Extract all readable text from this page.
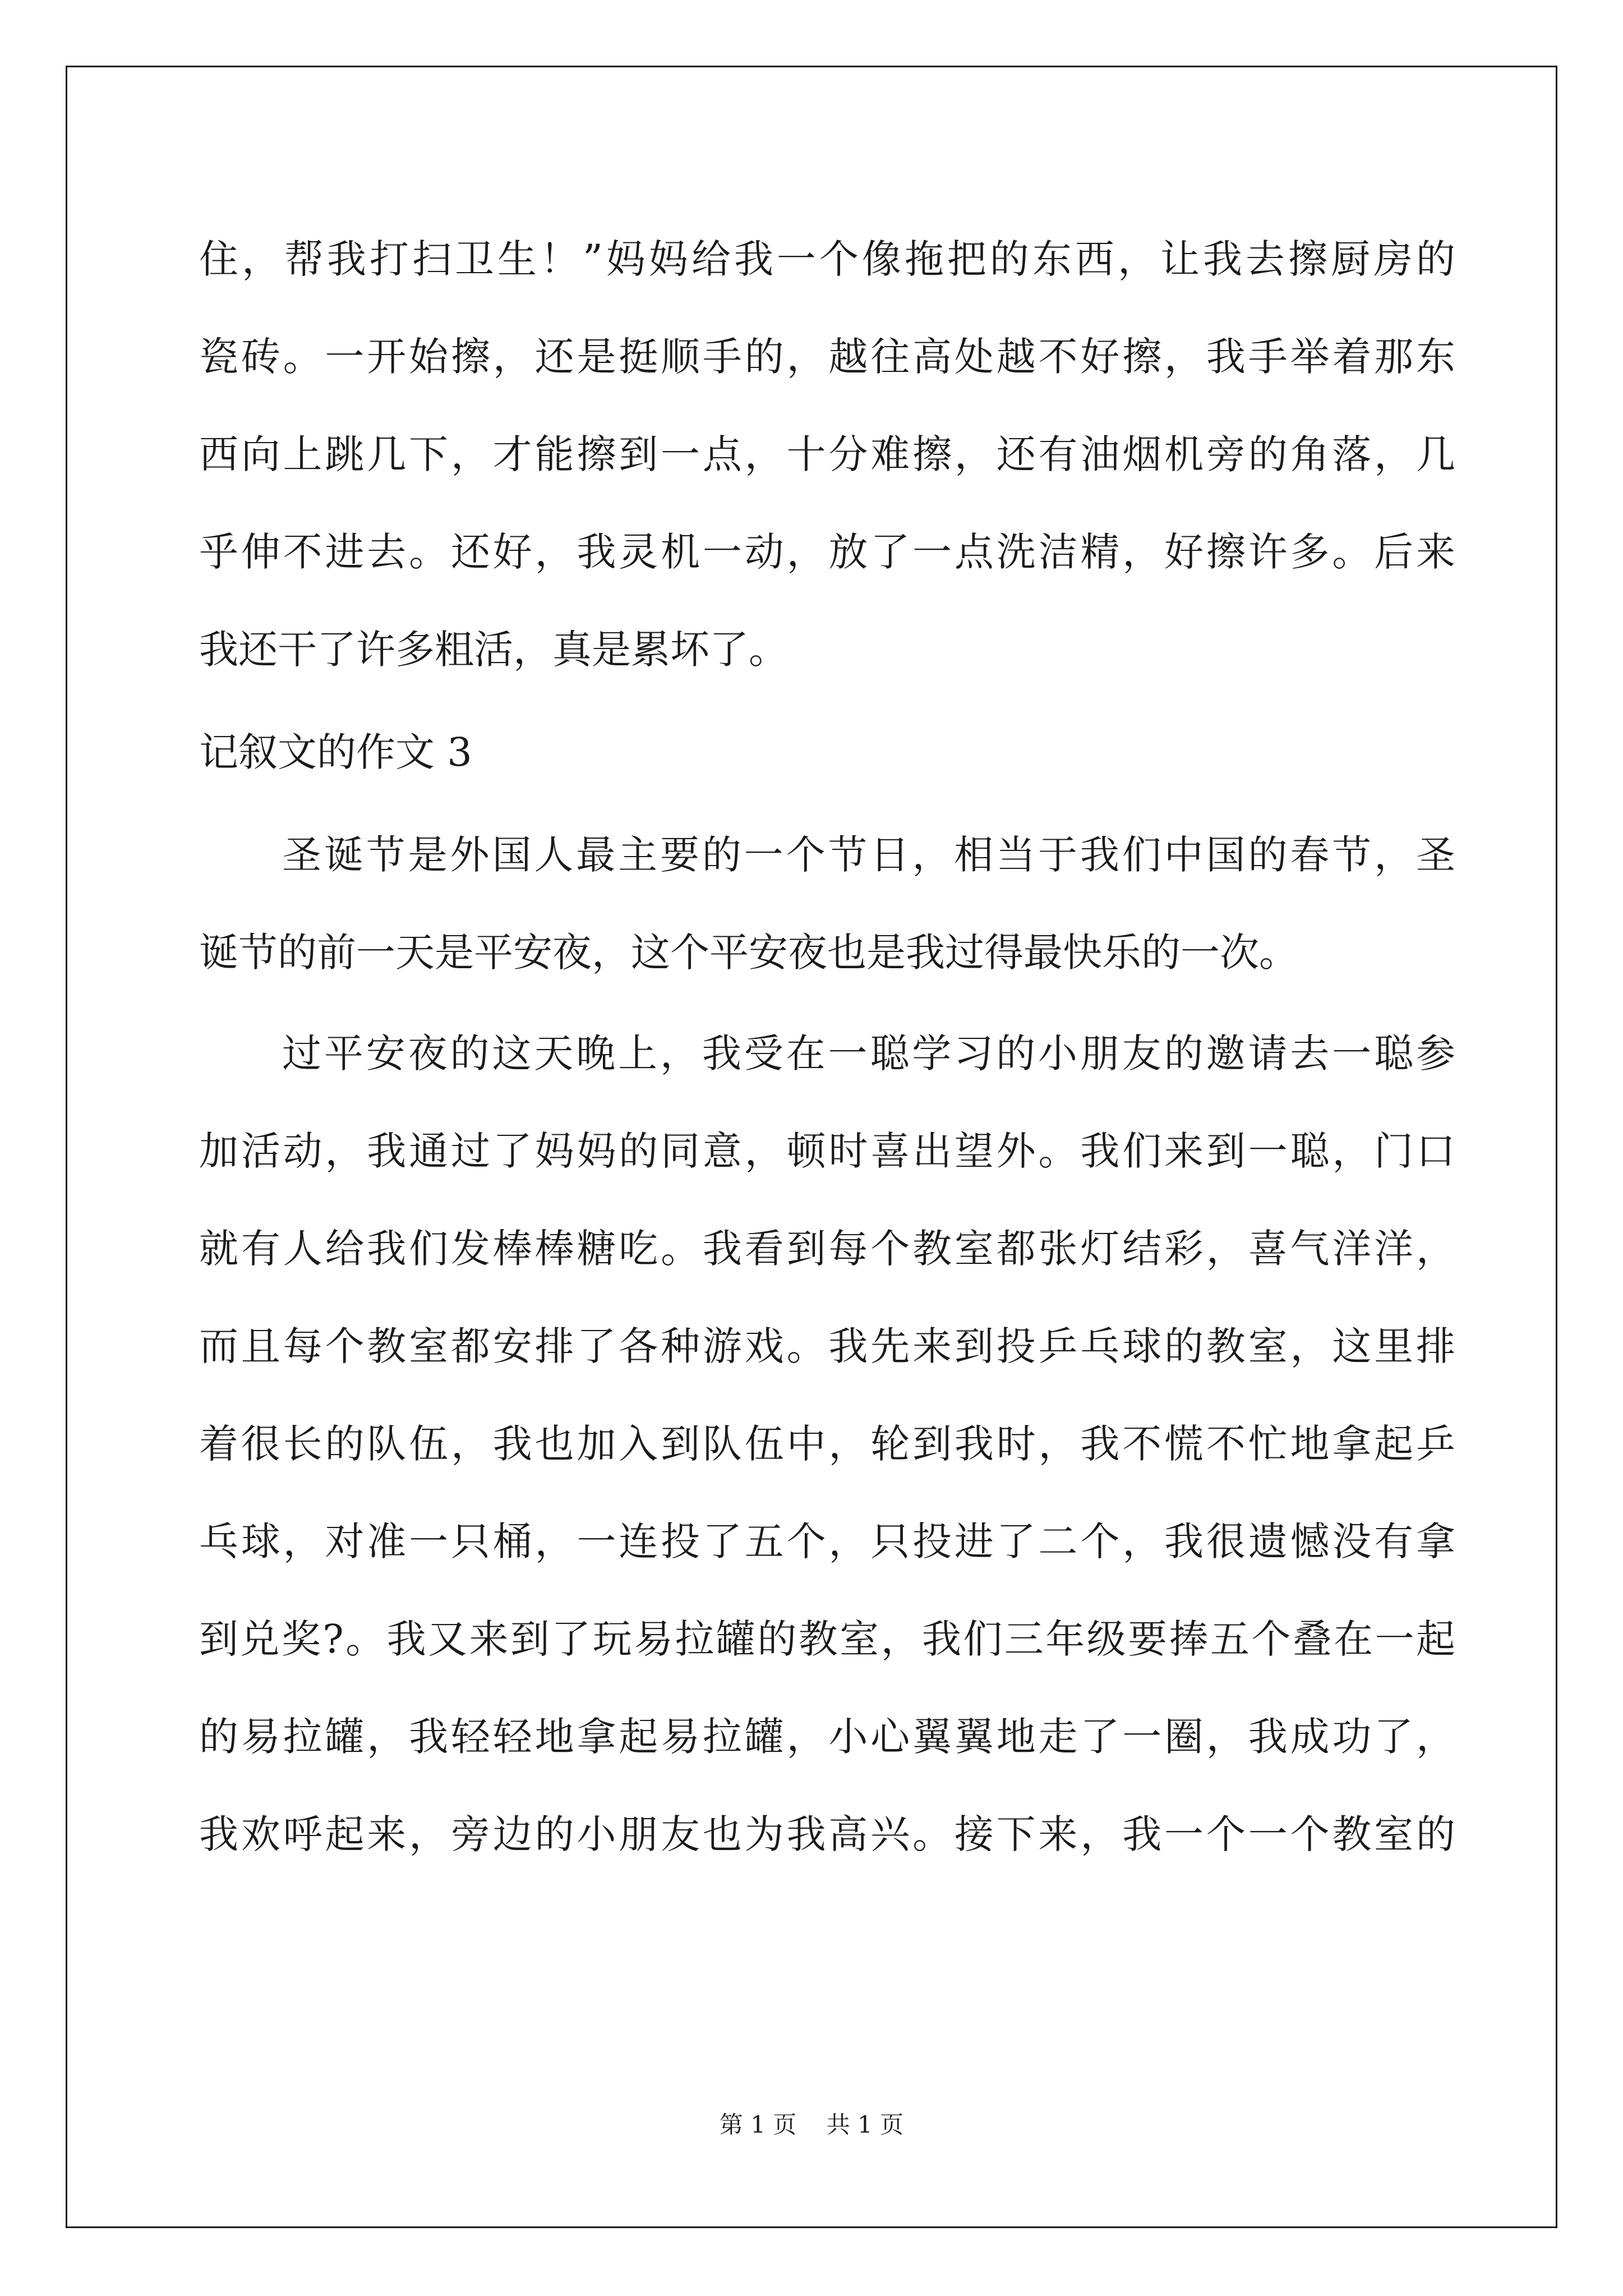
住，帮我打扫卫生！”妈妈给我一个像拖把的东西，让我去擦厨房的
瓷砖。一开始擦，还是挺顺手的，越往高处越不好擦，我手举着那东
西向上跳几下，才能擦到一点，十分难擦，还有油烟机旁的角落，几
乎伸不进去。还好，我灵机一动，放了一点洗洁精，好擦许多。后来
我还干了许多粗活，真是累坏了。
记叙文的作文 3
圣诞节是外国人最主要的一个节日，相当于我们中国的春节，圣
诞节的前一天是平安夜，这个平安夜也是我过得最快乐的一次。
过平安夜的这天晚上，我受在一聪学习的小朋友的邀请去一聪参
加活动，我通过了妈妈的同意，顿时喜出望外。我们来到一聪，门口
就有人给我们发棒棒糖吃。我看到每个教室都张灯结彩，喜气洋洋，
而且每个教室都安排了各种游戏。我先来到投乒乓球的教室，这里排
着很长的队伍，我也加入到队伍中，轮到我时，我不慌不忙地拿起乒
乓球，对准一只桶，一连投了五个，只投进了二个，我很遗憾没有拿
到兑奖?。我又来到了玩易拉罐的教室，我们三年级要捧五个叠在一起
的易拉罐，我轻轻地拿起易拉罐，小心翼翼地走了一圈，我成功了，
我欢呼起来，旁边的小朋友也为我高兴。接下来，我一个一个教室的
第 1 页 共 1 页
